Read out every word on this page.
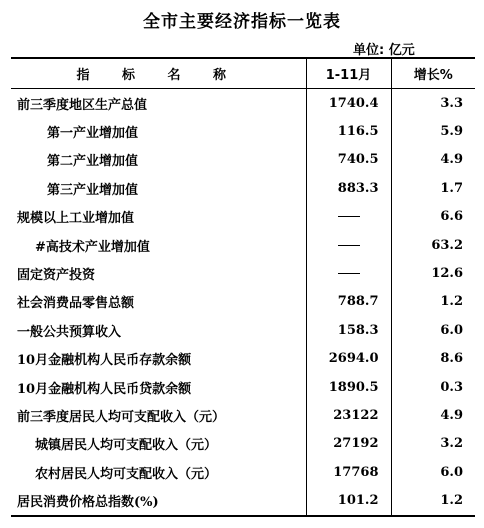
全市主要经济指标一览表
单位: 亿元
指 标 名 称	1-11月	增长%
前三季度地区生产总值	1740.4	3.3
第一产业增加值	116.5	5.9
第二产业增加值	740.5	4.9
第三产业增加值	883.3	1.7
规模以上工业增加值		6.6
#高技术产业增加值		63.2
固定资产投资		12.6
社会消费品零售总额	788.7	1.2
一般公共预算收入	158.3	6.0
10月金融机构人民币存款余额	2694.0	8.6
10月金融机构人民币贷款余额	1890.5	0.3
前三季度居民人均可支配收入（元）	23122	4.9
城镇居民人均可支配收入（元）	27192	3.2
农村居民人均可支配收入（元）	17768	6.0
居民消费价格总指数(%)	101.2	1.2
